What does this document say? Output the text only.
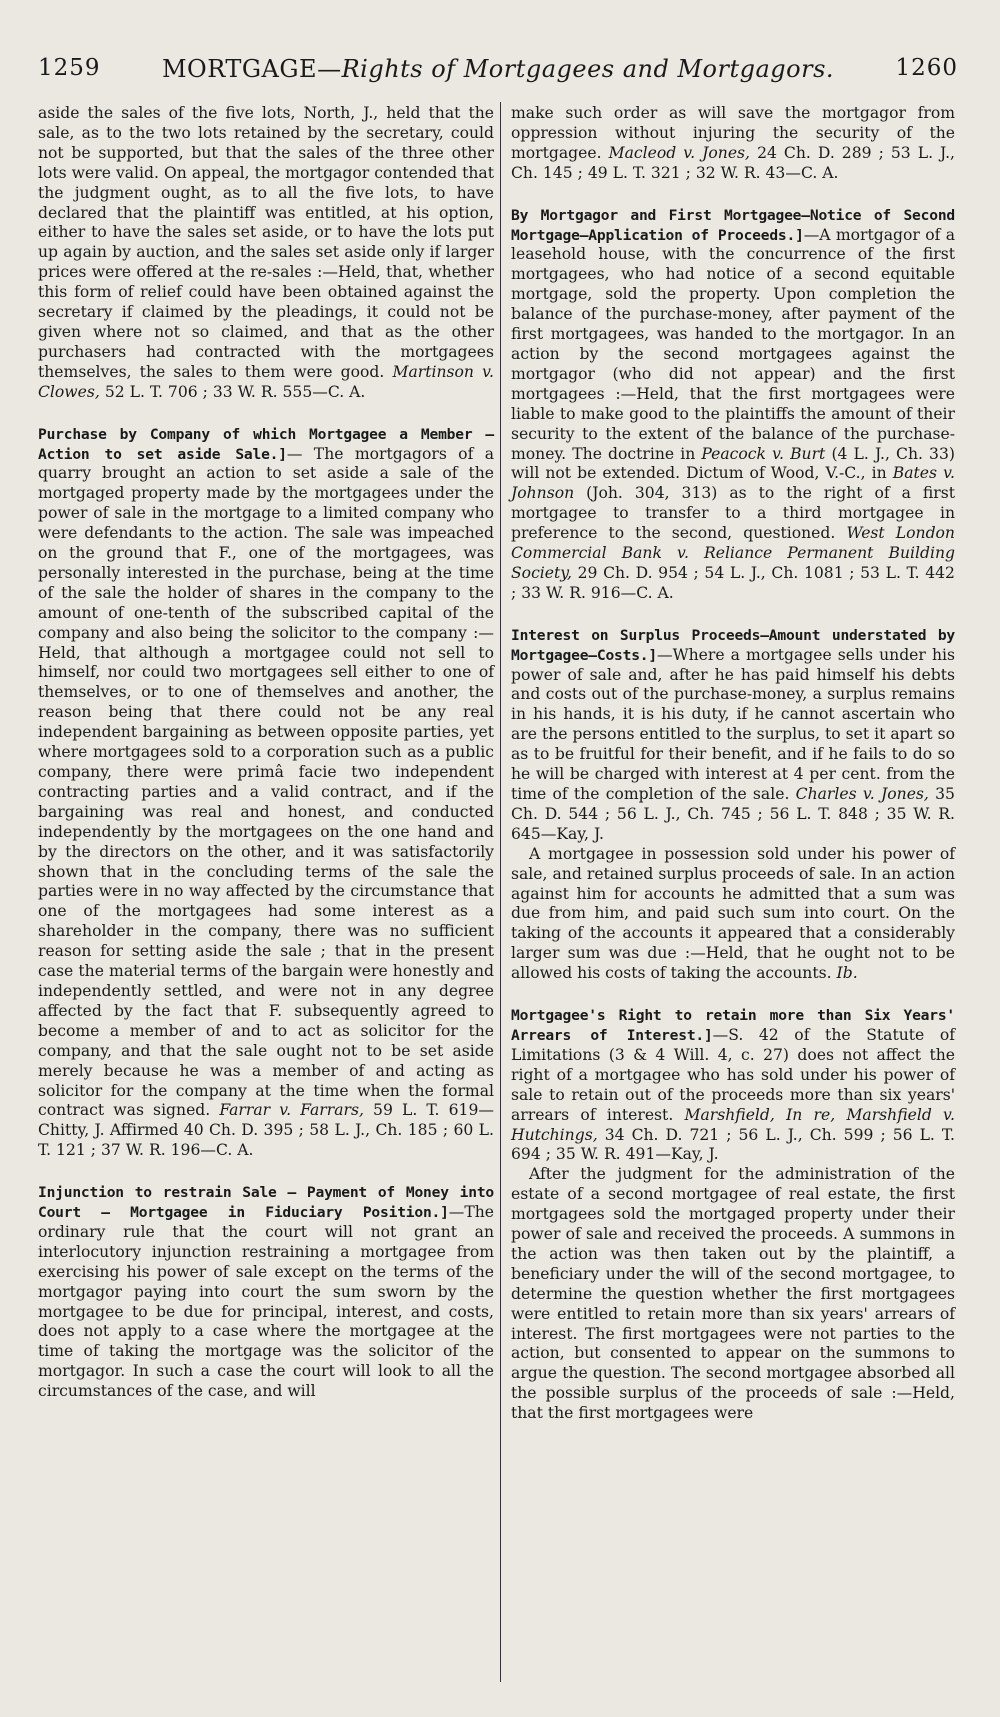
1259	MORTGAGE—Rights of Mortgagees and Mortgagors.	1260

aside the sales of the five lots, North, J., held that the sale, as to the two lots retained by the secretary, could not be supported, but that the sales of the three other lots were valid. On appeal, the mortgagor contended that the judgment ought, as to all the five lots, to have declared that the plaintiff was entitled, at his option, either to have the sales set aside, or to have the lots put up again by auction, and the sales set aside only if larger prices were offered at the re-sales :—Held, that, whether this form of relief could have been obtained against the secretary if claimed by the pleadings, it could not be given where not so claimed, and that as the other purchasers had contracted with the mortgagees themselves, the sales to them were good. Martinson v. Clowes, 52 L. T. 706 ; 33 W. R. 555—C. A.

Purchase by Company of which Mortgagee a Member — Action to set aside Sale.]— The mortgagors of a quarry brought an action to set aside a sale of the mortgaged property made by the mortgagees under the power of sale in the mortgage to a limited company who were defendants to the action. The sale was impeached on the ground that F., one of the mortgagees, was personally interested in the purchase, being at the time of the sale the holder of shares in the company to the amount of one-tenth of the subscribed capital of the company and also being the solicitor to the company :—Held, that although a mortgagee could not sell to himself, nor could two mortgagees sell either to one of themselves, or to one of themselves and another, the reason being that there could not be any real independent bargaining as between opposite parties, yet where mortgagees sold to a corporation such as a public company, there were primâ facie two independent contracting parties and a valid contract, and if the bargaining was real and honest, and conducted independently by the mortgagees on the one hand and by the directors on the other, and it was satisfactorily shown that in the concluding terms of the sale the parties were in no way affected by the circumstance that one of the mortgagees had some interest as a shareholder in the company, there was no sufficient reason for setting aside the sale ; that in the present case the material terms of the bargain were honestly and independently settled, and were not in any degree affected by the fact that F. subsequently agreed to become a member of and to act as solicitor for the company, and that the sale ought not to be set aside merely because he was a member of and acting as solicitor for the company at the time when the formal contract was signed. Farrar v. Farrars, 59 L. T. 619—Chitty, J. Affirmed 40 Ch. D. 395 ; 58 L. J., Ch. 185 ; 60 L. T. 121 ; 37 W. R. 196—C. A.

Injunction to restrain Sale — Payment of Money into Court — Mortgagee in Fiduciary Position.]—The ordinary rule that the court will not grant an interlocutory injunction restraining a mortgagee from exercising his power of sale except on the terms of the mortgagor paying into court the sum sworn by the mortgagee to be due for principal, interest, and costs, does not apply to a case where the mortgagee at the time of taking the mortgage was the solicitor of the mortgagor. In such a case the court will look to all the circumstances of the case, and will

make such order as will save the mortgagor from oppression without injuring the security of the mortgagee. Macleod v. Jones, 24 Ch. D. 289 ; 53 L. J., Ch. 145 ; 49 L. T. 321 ; 32 W. R. 43—C. A.

By Mortgagor and First Mortgagee—Notice of Second Mortgage—Application of Proceeds.]—A mortgagor of a leasehold house, with the concurrence of the first mortgagees, who had notice of a second equitable mortgage, sold the property. Upon completion the balance of the purchase-money, after payment of the first mortgagees, was handed to the mortgagor. In an action by the second mortgagees against the mortgagor (who did not appear) and the first mortgagees :—Held, that the first mortgagees were liable to make good to the plaintiffs the amount of their security to the extent of the balance of the purchase-money. The doctrine in Peacock v. Burt (4 L. J., Ch. 33) will not be extended. Dictum of Wood, V.-C., in Bates v. Johnson (Joh. 304, 313) as to the right of a first mortgagee to transfer to a third mortgagee in preference to the second, questioned. West London Commercial Bank v. Reliance Permanent Building Society, 29 Ch. D. 954 ; 54 L. J., Ch. 1081 ; 53 L. T. 442 ; 33 W. R. 916—C. A.

Interest on Surplus Proceeds—Amount understated by Mortgagee—Costs.]—Where a mortgagee sells under his power of sale and, after he has paid himself his debts and costs out of the purchase-money, a surplus remains in his hands, it is his duty, if he cannot ascertain who are the persons entitled to the surplus, to set it apart so as to be fruitful for their benefit, and if he fails to do so he will be charged with interest at 4 per cent. from the time of the completion of the sale. Charles v. Jones, 35 Ch. D. 544 ; 56 L. J., Ch. 745 ; 56 L. T. 848 ; 35 W. R. 645—Kay, J.

A mortgagee in possession sold under his power of sale, and retained surplus proceeds of sale. In an action against him for accounts he admitted that a sum was due from him, and paid such sum into court. On the taking of the accounts it appeared that a considerably larger sum was due :—Held, that he ought not to be allowed his costs of taking the accounts. Ib.

Mortgagee's Right to retain more than Six Years' Arrears of Interest.]—S. 42 of the Statute of Limitations (3 & 4 Will. 4, c. 27) does not affect the right of a mortgagee who has sold under his power of sale to retain out of the proceeds more than six years' arrears of interest. Marshfield, In re, Marshfield v. Hutchings, 34 Ch. D. 721 ; 56 L. J., Ch. 599 ; 56 L. T. 694 ; 35 W. R. 491—Kay, J.

After the judgment for the administration of the estate of a second mortgagee of real estate, the first mortgagees sold the mortgaged property under their power of sale and received the proceeds. A summons in the action was then taken out by the plaintiff, a beneficiary under the will of the second mortgagee, to determine the question whether the first mortgagees were entitled to retain more than six years' arrears of interest. The first mortgagees were not parties to the action, but consented to appear on the summons to argue the question. The second mortgagee absorbed all the possible surplus of the proceeds of sale :—Held, that the first mortgagees were
